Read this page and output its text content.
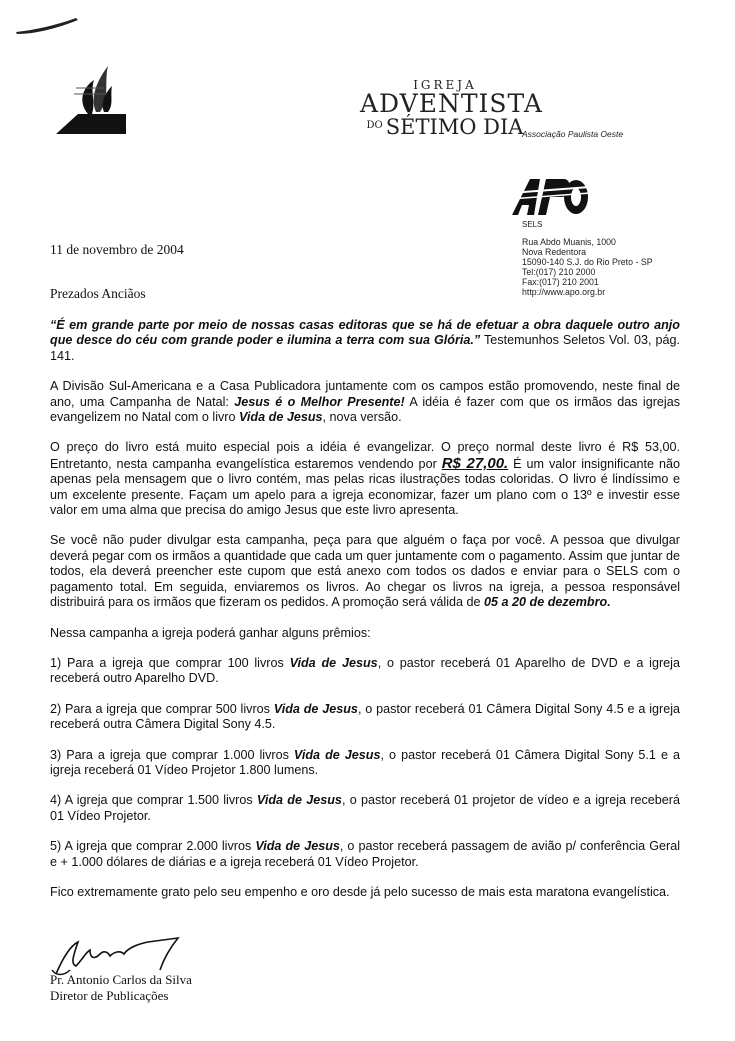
IGREJA
ADVENTISTA
$^{DO}$ SÉTIMO DIA
Associação Paulista Oeste
SELS
Rua Abdo Muanis, 1000
Nova Redentora
15090-140 S.J. do Rio Preto - SP
Tel:(017) 210 2000
Fax:(017) 210 2001
http://www.apo.org.br
11 de novembro de 2004
Prezados Anciãos

“É em grande parte por meio de nossas casas editoras que se há de efetuar a obra daquele outro anjo que desce do céu com grande poder e ilumina a terra com sua Glória.” Testemunhos Seletos Vol. 03, pág. 141.

A Divisão Sul-Americana e a Casa Publicadora juntamente com os campos estão promovendo, neste final de ano, uma Campanha de Natal: Jesus é o Melhor Presente! A idéia é fazer com que os irmãos das igrejas evangelizem no Natal com o livro Vida de Jesus, nova versão.

O preço do livro está muito especial pois a idéia é evangelizar. O preço normal deste livro é R$ 53,00. Entretanto, nesta campanha evangelística estaremos vendendo por R$ 27,00. É um valor insignificante não apenas pela mensagem que o livro contém, mas pelas ricas ilustrações todas coloridas. O livro é lindíssimo e um excelente presente. Façam um apelo para a igreja economizar, fazer um plano com o 13º e investir esse valor em uma alma que precisa do amigo Jesus que este livro apresenta.

Se você não puder divulgar esta campanha, peça para que alguém o faça por você. A pessoa que divulgar deverá pegar com os irmãos a quantidade que cada um quer juntamente com o pagamento. Assim que juntar de todos, ela deverá preencher este cupom que está anexo com todos os dados e enviar para o SELS com o pagamento total. Em seguida, enviaremos os livros. Ao chegar os livros na igreja, a pessoa responsável distribuirá para os irmãos que fizeram os pedidos. A promoção será válida de 05 a 20 de dezembro.

Nessa campanha a igreja poderá ganhar alguns prêmios:

1) Para a igreja que comprar 100 livros Vida de Jesus, o pastor receberá 01 Aparelho de DVD e a igreja receberá outro Aparelho DVD.

2) Para a igreja que comprar 500 livros Vida de Jesus, o pastor receberá 01 Câmera Digital Sony 4.5 e a igreja receberá outra Câmera Digital Sony 4.5.

3) Para a igreja que comprar 1.000 livros Vida de Jesus, o pastor receberá 01 Câmera Digital Sony 5.1 e a igreja receberá 01 Vídeo Projetor 1.800 lumens.

4) A igreja que comprar 1.500 livros Vida de Jesus, o pastor receberá 01 projetor de vídeo e a igreja receberá 01 Vídeo Projetor.

5) A igreja que comprar 2.000 livros Vida de Jesus, o pastor receberá passagem de avião p/ conferência Geral e + 1.000 dólares de diárias e a igreja receberá 01 Vídeo Projetor.

Fico extremamente grato pelo seu empenho e oro desde já pelo sucesso de mais esta maratona evangelística.

Pr. Antonio Carlos da Silva
Diretor de Publicações
